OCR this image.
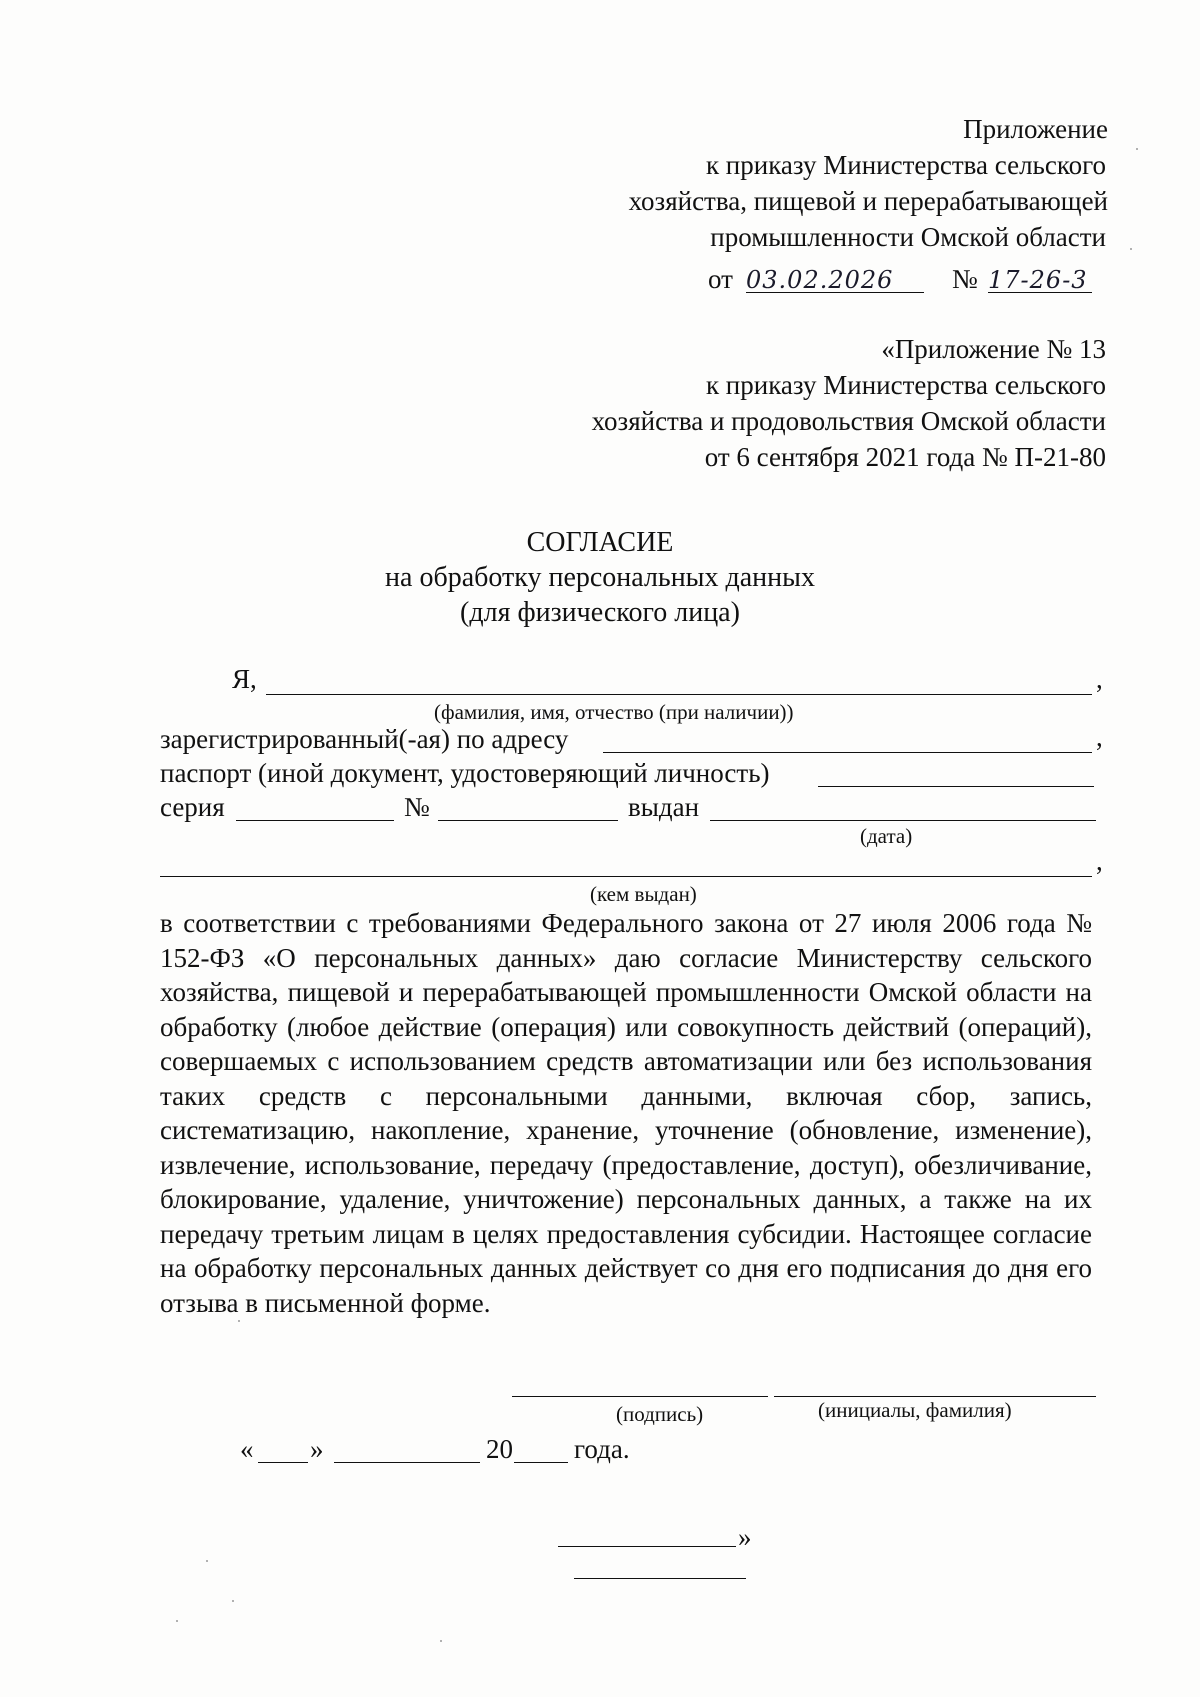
Приложение
к приказу Министерства сельского
хозяйства, пищевой и перерабатывающей
промышленности Омской области
от 03.02.2026 № 17-26-3
«Приложение № 13
к приказу Министерства сельского
хозяйства и продовольствия Омской области
от 6 сентября 2021 года № П-21-80
СОГЛАСИЕ
на обработку персональных данных
(для физического лица)
Я,	,
(фамилия, имя, отчество (при наличии))
зарегистрированный(-ая) по адресу	,
паспорт (иной документ, удостоверяющий личность)
серия	№	выдан
(дата)
,
(кем выдан)
в соответствии с требованиями Федерального закона от 27 июля 2006 года № 152-ФЗ «О персональных данных» даю согласие Министерству сельского хозяйства, пищевой и перерабатывающей промышленности Омской области на обработку (любое действие (операция) или совокупность действий (операций), совершаемых с использованием средств автоматизации или без использования таких средств с персональными данными, включая сбор, запись, систематизацию, накопление, хранение, уточнение (обновление, изменение), извлечение, использование, передачу (предоставление, доступ), обезличивание, блокирование, удаление, уничтожение) персональных данных, а также на их передачу третьим лицам в целях предоставления субсидии. Настоящее согласие на обработку персональных данных действует со дня его подписания до дня его отзыва в письменной форме.
(подпись)	(инициалы, фамилия)
« »	20 года.
»
